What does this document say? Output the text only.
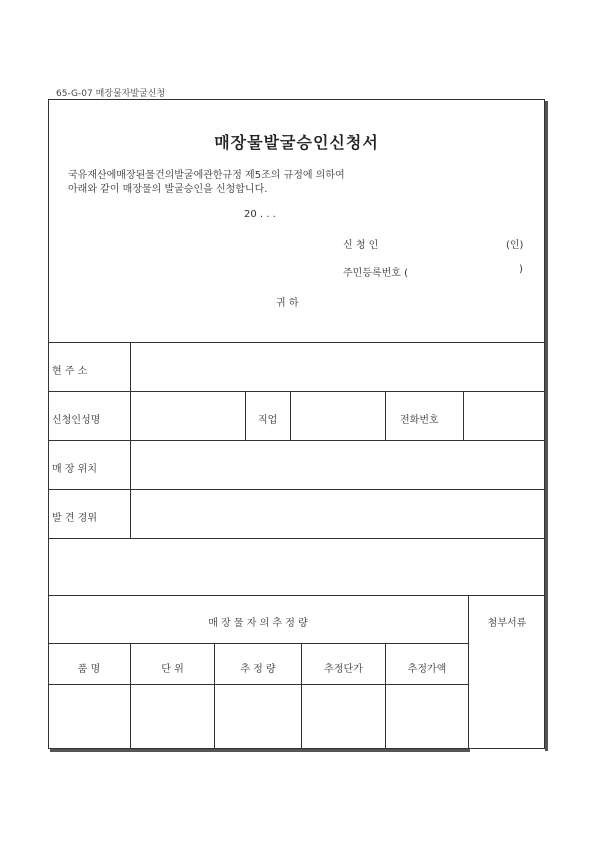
65-G-07 매장물자발굴신청
매장물발굴승인신청서
국유재산에매장된물건의발굴에관한규정 제5조의 규정에 의하여
아래와 같이 매장물의 발굴승인을 신청합니다.
20 . . .
신 청 인	(인)
주민등록번호 (	)
귀 하
현 주 소
신청인성명	직업	전화번호
매 장 위치
발 견 경위
매 장 물 자 의 추 정 량	첨부서류
품 명	단 위	추 정 량	추정단가	추정가액
